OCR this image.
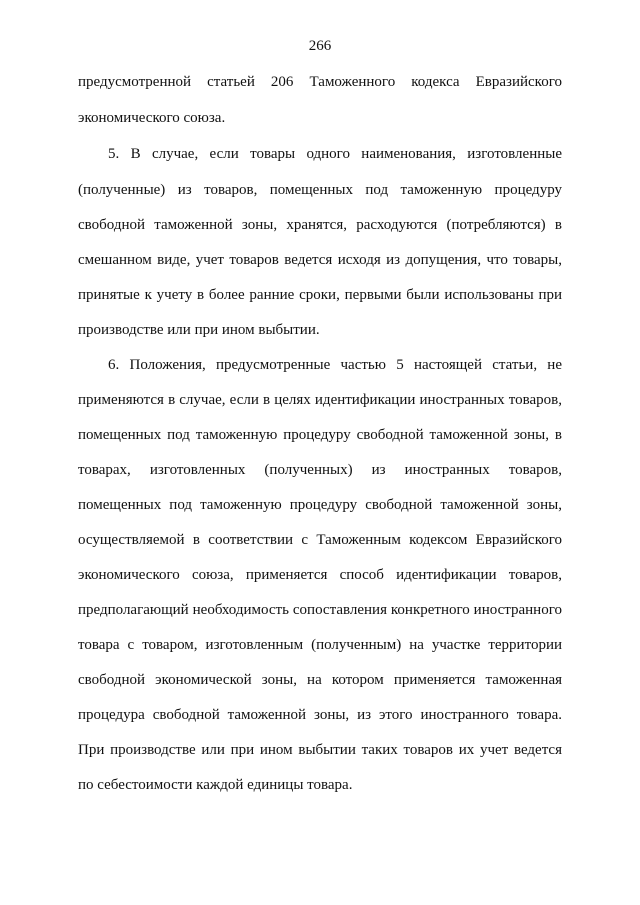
266
предусмотренной статьей 206 Таможенного кодекса Евразийского
экономического союза.
5. В случае, если товары одного наименования, изготовленные
(полученные) из товаров, помещенных под таможенную процедуру
свободной таможенной зоны, хранятся, расходуются (потребляются) в
смешанном виде, учет товаров ведется исходя из допущения, что товары,
принятые к учету в более ранние сроки, первыми были использованы при
производстве или при ином выбытии.
6. Положения, предусмотренные частью 5 настоящей статьи, не
применяются в случае, если в целях идентификации иностранных товаров,
помещенных под таможенную процедуру свободной таможенной зоны, в
товарах, изготовленных (полученных) из иностранных товаров,
помещенных под таможенную процедуру свободной таможенной зоны,
осуществляемой в соответствии с Таможенным кодексом Евразийского
экономического союза, применяется способ идентификации товаров,
предполагающий необходимость сопоставления конкретного иностранного
товара с товаром, изготовленным (полученным) на участке территории
свободной экономической зоны, на котором применяется таможенная
процедура свободной таможенной зоны, из этого иностранного товара.
При производстве или при ином выбытии таких товаров их учет ведется
по себестоимости каждой единицы товара.
